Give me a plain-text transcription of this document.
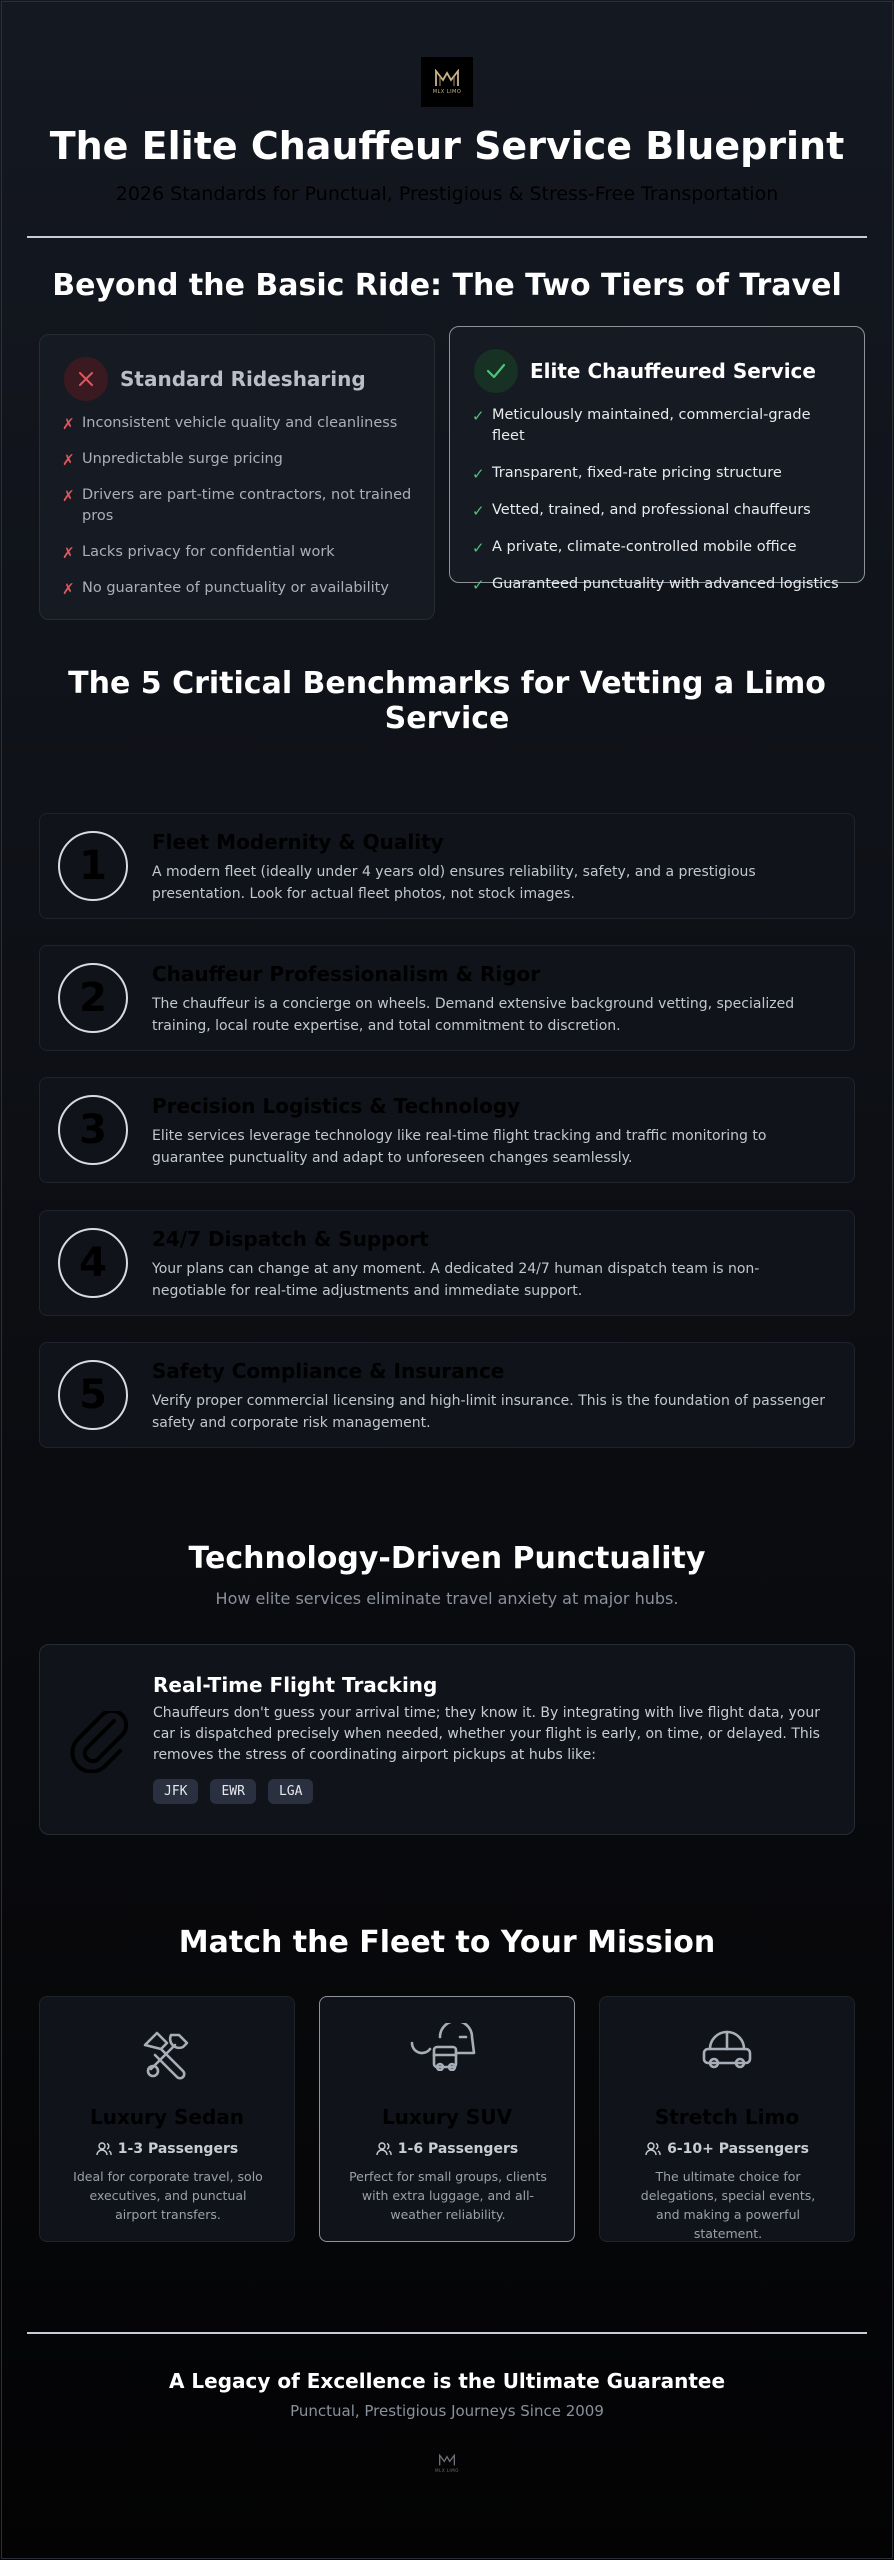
MLX LIMO
The Elite Chauffeur Service Blueprint
2026 Standards for Punctual, Prestigious & Stress-Free Transportation
Beyond the Basic Ride: The Two Tiers of Travel
Standard Ridesharing
✗ Inconsistent vehicle quality and cleanliness
✗ Unpredictable surge pricing
✗ Drivers are part-time contractors, not trained pros
✗ Lacks privacy for confidential work
✗ No guarantee of punctuality or availability
Elite Chauffeured Service
✓ Meticulously maintained, commercial-grade fleet
✓ Transparent, fixed-rate pricing structure
✓ Vetted, trained, and professional chauffeurs
✓ A private, climate-controlled mobile office
✓ Guaranteed punctuality with advanced logistics
The 5 Critical Benchmarks for Vetting a Limo Service
1
Fleet Modernity & Quality
A modern fleet (ideally under 4 years old) ensures reliability, safety, and a prestigious presentation. Look for actual fleet photos, not stock images.
2
Chauffeur Professionalism & Rigor
The chauffeur is a concierge on wheels. Demand extensive background vetting, specialized training, local route expertise, and total commitment to discretion.
3
Precision Logistics & Technology
Elite services leverage technology like real-time flight tracking and traffic monitoring to guarantee punctuality and adapt to unforeseen changes seamlessly.
4
24/7 Dispatch & Support
Your plans can change at any moment. A dedicated 24/7 human dispatch team is non-negotiable for real-time adjustments and immediate support.
5
Safety Compliance & Insurance
Verify proper commercial licensing and high-limit insurance. This is the foundation of passenger safety and corporate risk management.
Technology-Driven Punctuality
How elite services eliminate travel anxiety at major hubs.
Real-Time Flight Tracking
Chauffeurs don't guess your arrival time; they know it. By integrating with live flight data, your car is dispatched precisely when needed, whether your flight is early, on time, or delayed. This removes the stress of coordinating airport pickups at hubs like:
JFK	EWR	LGA
Match the Fleet to Your Mission
Luxury Sedan
1-3 Passengers
Ideal for corporate travel, solo executives, and punctual airport transfers.
Luxury SUV
1-6 Passengers
Perfect for small groups, clients with extra luggage, and all-weather reliability.
Stretch Limo
6-10+ Passengers
The ultimate choice for delegations, special events, and making a powerful statement.
A Legacy of Excellence is the Ultimate Guarantee
Punctual, Prestigious Journeys Since 2009
MLX LIMO
